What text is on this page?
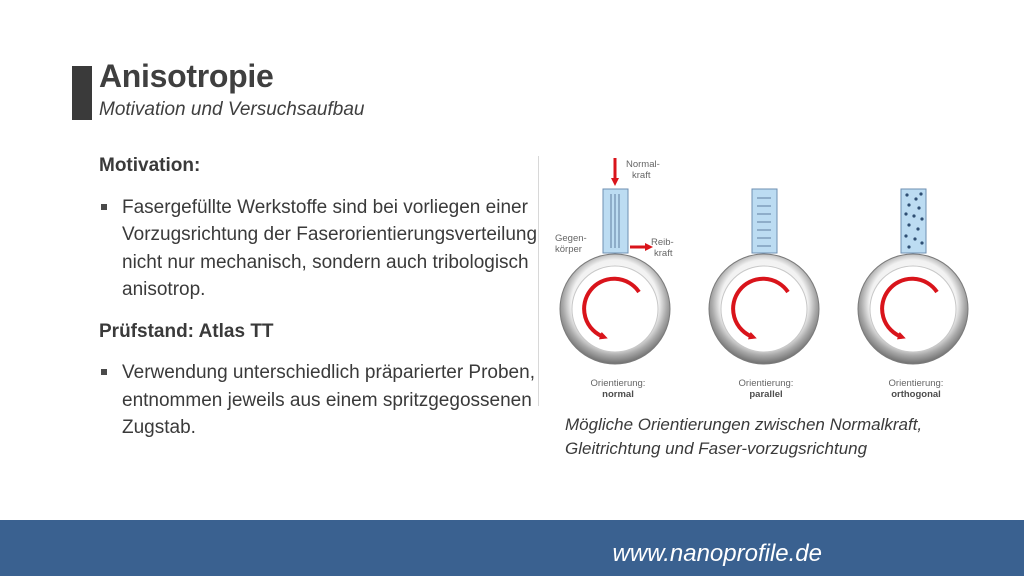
Anisotropie
Motivation und Versuchsaufbau
Motivation:
Fasergefüllte Werkstoffe sind bei vorliegen einer Vorzugsrichtung der Faserorientierungsverteilung nicht nur mechanisch, sondern auch tribologisch anisotrop.
Prüfstand: Atlas TT
Verwendung unterschiedlich präparierter Proben, entnommen jeweils aus einem spritzgegossenen Zugstab.
Normal-
kraft
Gegen-
körper
Reib-
kraft
Orientierung:
normal
Orientierung:
parallel
Orientierung:
orthogonal
Mögliche Orientierungen zwischen Normalkraft, Gleitrichtung und Faser-vorzugsrichtung
www.nanoprofile.de
